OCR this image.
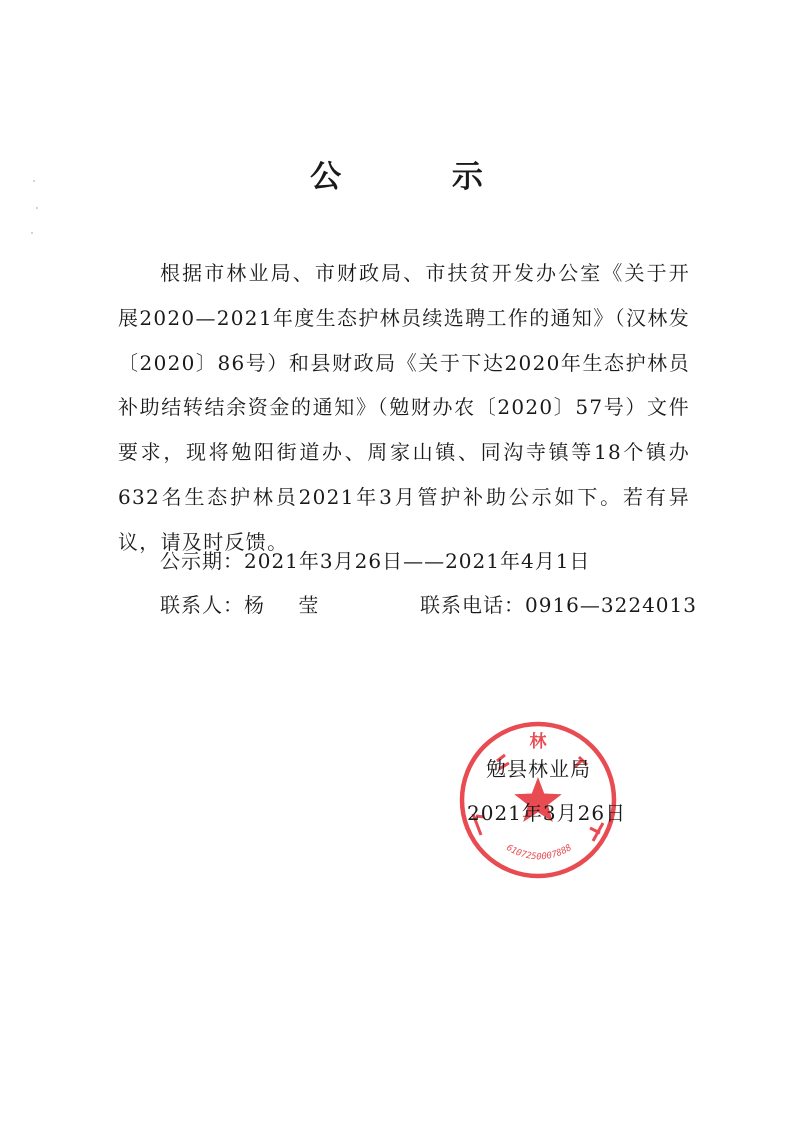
公 示

根据市林业局、市财政局、市扶贫开发办公室《关于开展2020—2021年度生态护林员续选聘工作的通知》（汉林发〔2020〕86号）和县财政局《关于下达2020年生态护林员补助结转结余资金的通知》（勉财办农〔2020〕57号）文件要求，现将勉阳街道办、周家山镇、同沟寺镇等18个镇办632名生态护林员2021年3月管护补助公示如下。若有异议，请及时反馈。

公示期：2021年3月26日——2021年4月1日
联系人：杨 莹	联系电话：0916—3224013
林
6107250007888
勉县林业局
2021年3月26日
